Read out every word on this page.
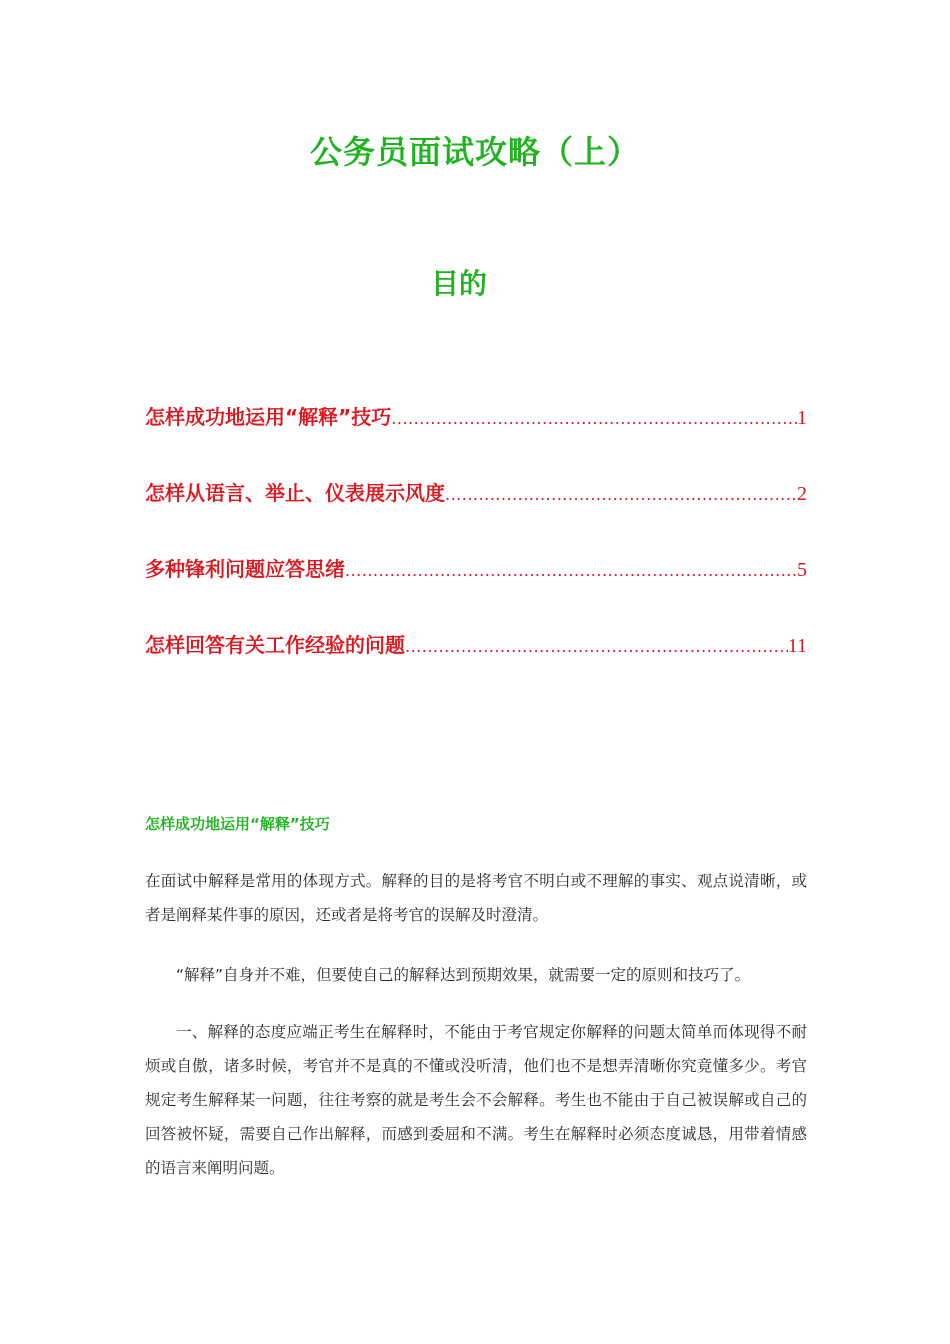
公务员面试攻略（上）
目的
怎样成功地运用“解释”技巧 .....	1
怎样从语言、举止、仪表展示风度 .....	2
多种锋利问题应答思绪 .....	5
怎样回答有关工作经验的问题 .....	11
怎样成功地运用“解释”技巧

在面试中解释是常用的体现方式。解释的目的是将考官不明白或不理解的事实、观点说清晰，或者是阐释某件事的原因，还或者是将考官的误解及时澄清。

“解释”自身并不难，但要使自己的解释达到预期效果，就需要一定的原则和技巧了。

一、解释的态度应端正考生在解释时，不能由于考官规定你解释的问题太简单而体现得不耐烦或自傲，诸多时候，考官并不是真的不懂或没听清，他们也不是想弄清晰你究竟懂多少。考官规定考生解释某一问题，往往考察的就是考生会不会解释。考生也不能由于自己被误解或自己的回答被怀疑，需要自己作出解释，而感到委屈和不满。考生在解释时必须态度诚恳，用带着情感的语言来阐明问题。
